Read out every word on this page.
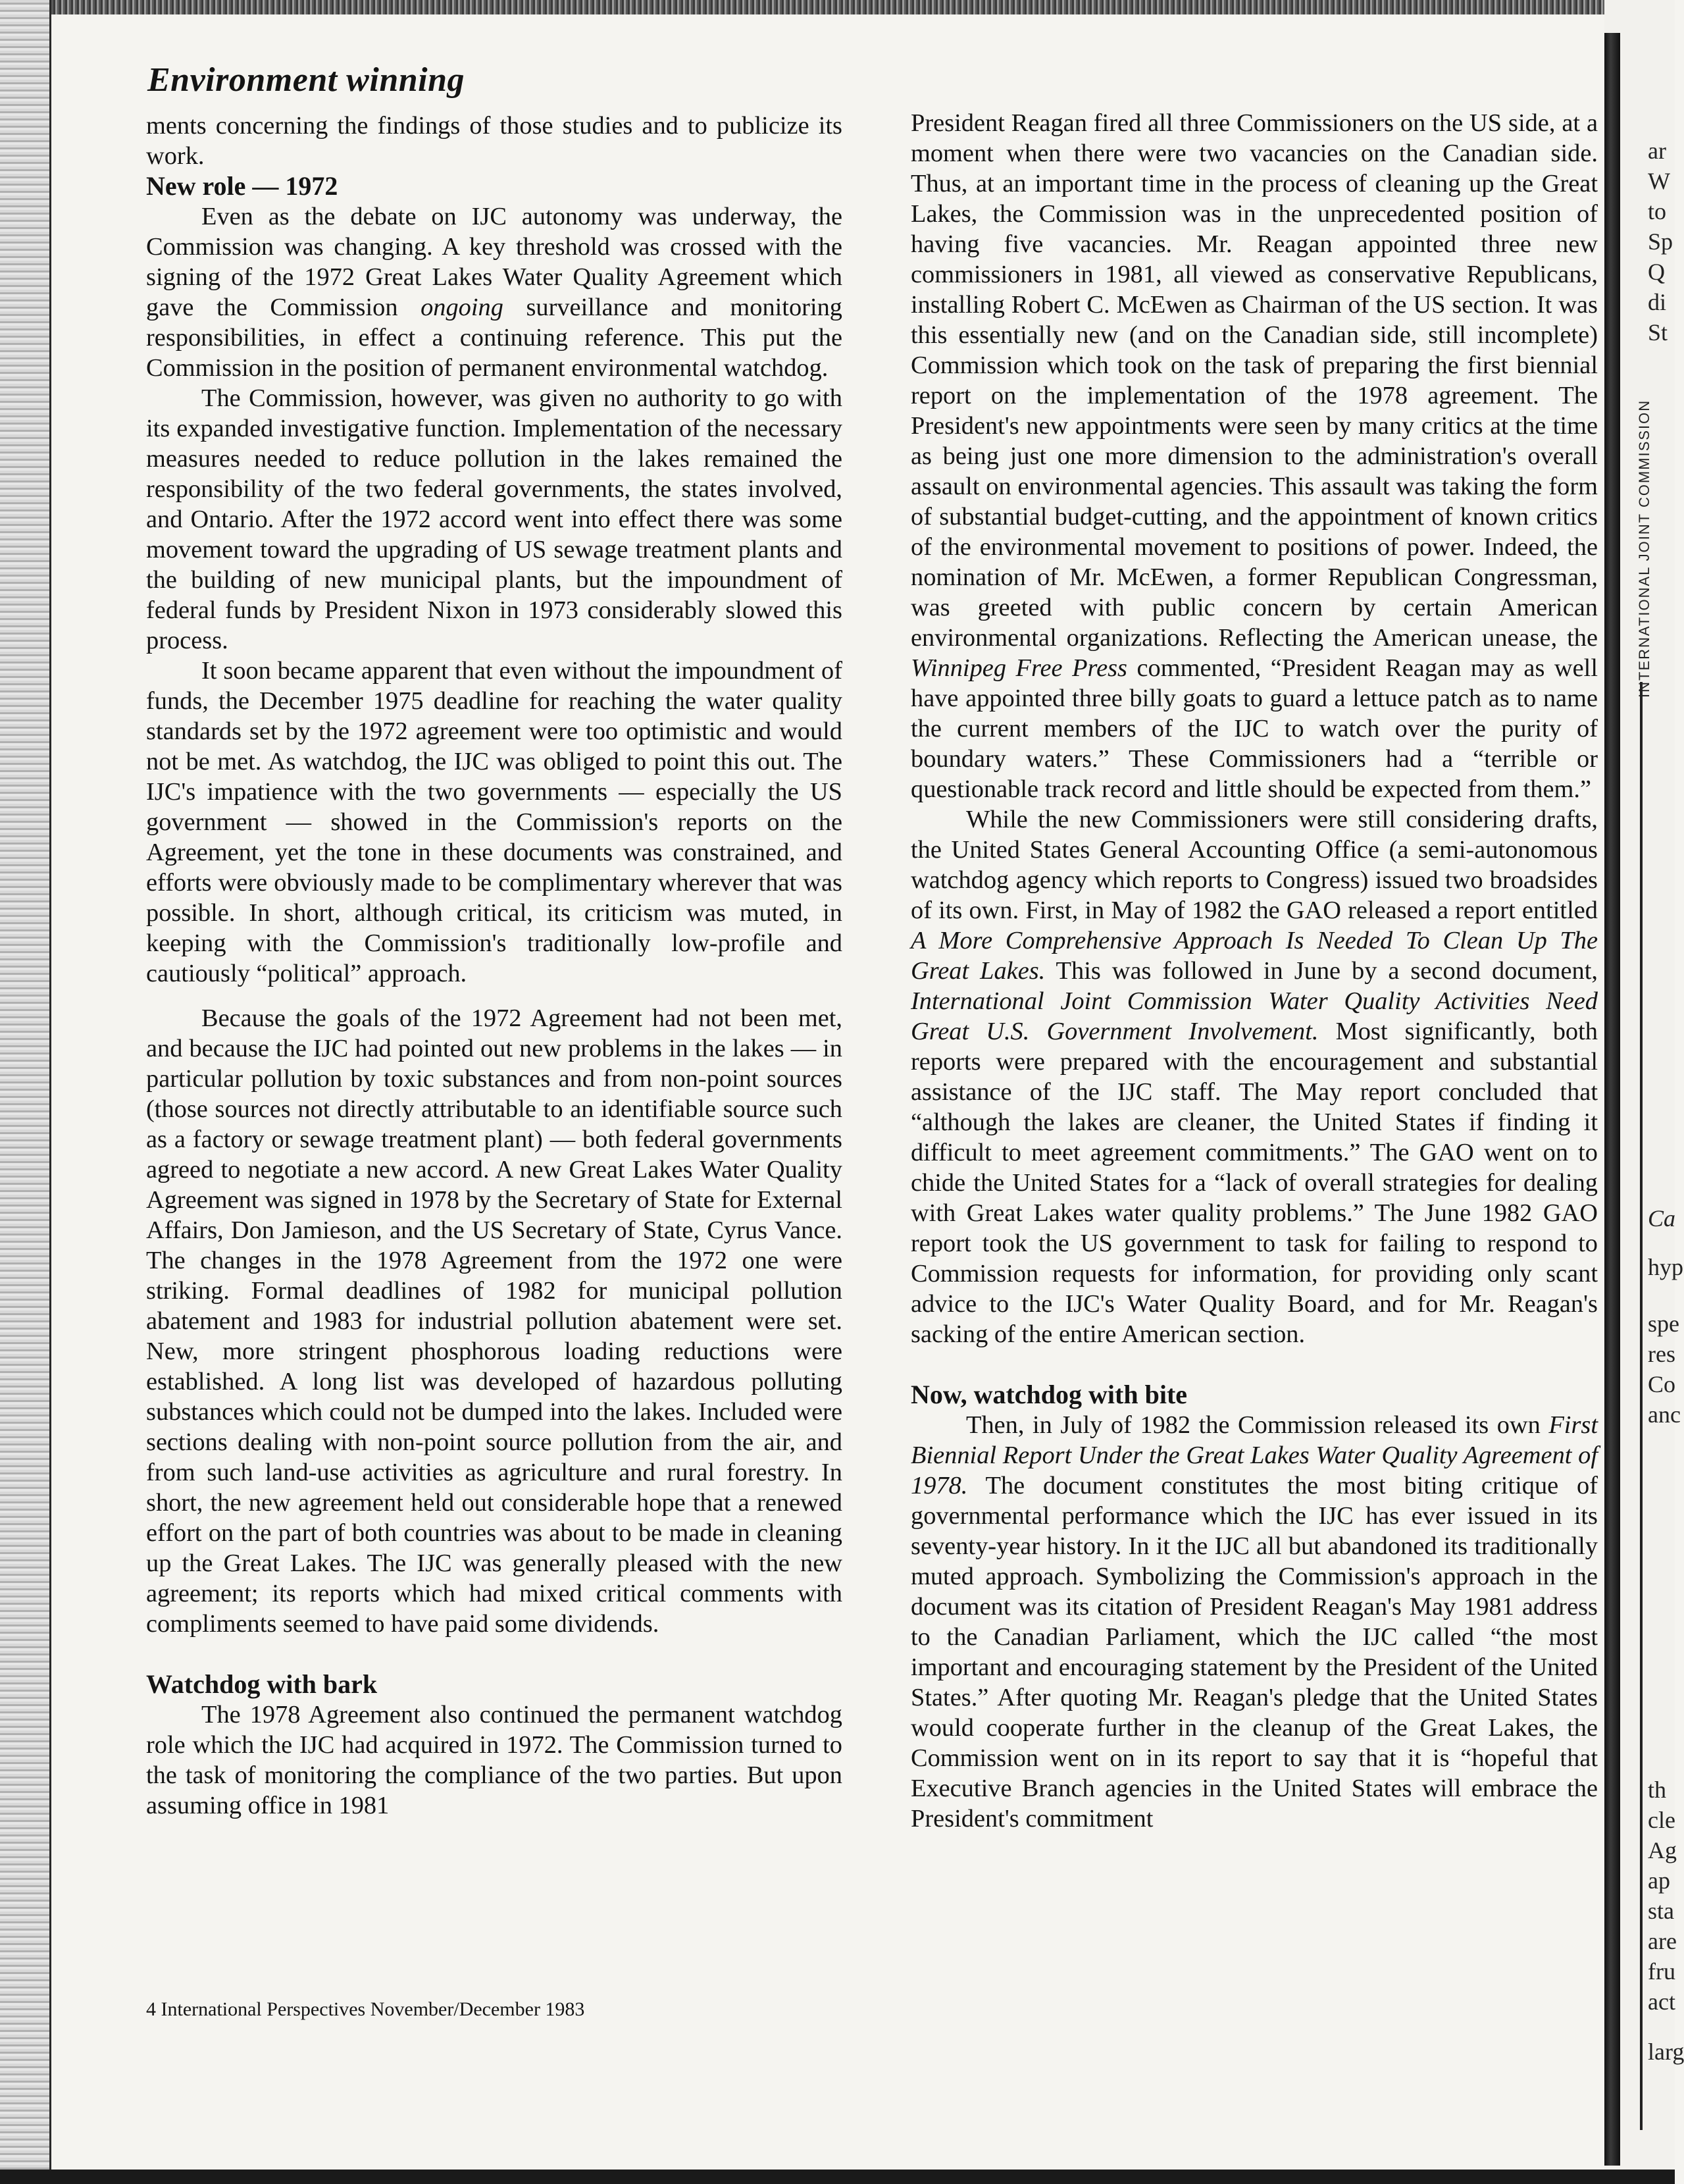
INTERNATIONAL JOINT COMMISSION
ar
W
to
Sp
Q
di
St
Ca
hyp
spe
res
Co
anc
th
cle
Ag
ap
sta
are
fru
act
larg
Environment winning

ments concerning the findings of those studies and to publicize its work.

New role — 1972

Even as the debate on IJC autonomy was underway, the Commission was changing. A key threshold was crossed with the signing of the 1972 Great Lakes Water Quality Agreement which gave the Commission ongoing surveillance and monitoring responsibilities, in effect a continuing reference. This put the Commission in the position of permanent environmental watchdog.

The Commission, however, was given no authority to go with its expanded investigative function. Implementation of the necessary measures needed to reduce pollution in the lakes remained the responsibility of the two federal governments, the states involved, and Ontario. After the 1972 accord went into effect there was some movement toward the upgrading of US sewage treatment plants and the building of new municipal plants, but the impoundment of federal funds by President Nixon in 1973 considerably slowed this process.

It soon became apparent that even without the impoundment of funds, the December 1975 deadline for reaching the water quality standards set by the 1972 agreement were too optimistic and would not be met. As watchdog, the IJC was obliged to point this out. The IJC's impatience with the two governments — especially the US government — showed in the Commission's reports on the Agreement, yet the tone in these documents was constrained, and efforts were obviously made to be complimentary wherever that was possible. In short, although critical, its criticism was muted, in keeping with the Commission's traditionally low-profile and cautiously “political” approach.

Because the goals of the 1972 Agreement had not been met, and because the IJC had pointed out new problems in the lakes — in particular pollution by toxic substances and from non-point sources (those sources not directly attributable to an identifiable source such as a factory or sewage treatment plant) — both federal governments agreed to negotiate a new accord. A new Great Lakes Water Quality Agreement was signed in 1978 by the Secretary of State for External Affairs, Don Jamieson, and the US Secretary of State, Cyrus Vance. The changes in the 1978 Agreement from the 1972 one were striking. Formal deadlines of 1982 for municipal pollution abatement and 1983 for industrial pollution abatement were set. New, more stringent phosphorous loading reductions were established. A long list was developed of hazardous polluting substances which could not be dumped into the lakes. Included were sections dealing with non-point source pollution from the air, and from such land-use activities as agriculture and rural forestry. In short, the new agreement held out considerable hope that a renewed effort on the part of both countries was about to be made in cleaning up the Great Lakes. The IJC was generally pleased with the new agreement; its reports which had mixed critical comments with compliments seemed to have paid some dividends.

Watchdog with bark

The 1978 Agreement also continued the permanent watchdog role which the IJC had acquired in 1972. The Commission turned to the task of monitoring the compliance of the two parties. But upon assuming office in 1981

President Reagan fired all three Commissioners on the US side, at a moment when there were two vacancies on the Canadian side. Thus, at an important time in the process of cleaning up the Great Lakes, the Commission was in the unprecedented position of having five vacancies. Mr. Reagan appointed three new commissioners in 1981, all viewed as conservative Republicans, installing Robert C. McEwen as Chairman of the US section. It was this essentially new (and on the Canadian side, still incomplete) Commission which took on the task of preparing the first biennial report on the implementation of the 1978 agreement. The President's new appointments were seen by many critics at the time as being just one more dimension to the administration's overall assault on environmental agencies. This assault was taking the form of substantial budget-cutting, and the appointment of known critics of the environmental movement to positions of power. Indeed, the nomination of Mr. McEwen, a former Republican Congressman, was greeted with public concern by certain American environmental organizations. Reflecting the American unease, the Winnipeg Free Press commented, “President Reagan may as well have appointed three billy goats to guard a lettuce patch as to name the current members of the IJC to watch over the purity of boundary waters.” These Commissioners had a “terrible or questionable track record and little should be expected from them.”

While the new Commissioners were still considering drafts, the United States General Accounting Office (a semi-autonomous watchdog agency which reports to Congress) issued two broadsides of its own. First, in May of 1982 the GAO released a report entitled A More Comprehensive Approach Is Needed To Clean Up The Great Lakes. This was followed in June by a second document, International Joint Commission Water Quality Activities Need Great U.S. Government Involvement. Most significantly, both reports were prepared with the encouragement and substantial assistance of the IJC staff. The May report concluded that “although the lakes are cleaner, the United States if finding it difficult to meet agreement commitments.” The GAO went on to chide the United States for a “lack of overall strategies for dealing with Great Lakes water quality problems.” The June 1982 GAO report took the US government to task for failing to respond to Commission requests for information, for providing only scant advice to the IJC's Water Quality Board, and for Mr. Reagan's sacking of the entire American section.

Now, watchdog with bite

Then, in July of 1982 the Commission released its own First Biennial Report Under the Great Lakes Water Quality Agreement of 1978. The document constitutes the most biting critique of governmental performance which the IJC has ever issued in its seventy-year history. In it the IJC all but abandoned its traditionally muted approach. Symbolizing the Commission's approach in the document was its citation of President Reagan's May 1981 address to the Canadian Parliament, which the IJC called “the most important and encouraging statement by the President of the United States.” After quoting Mr. Reagan's pledge that the United States would cooperate further in the cleanup of the Great Lakes, the Commission went on in its report to say that it is “hopeful that Executive Branch agencies in the United States will embrace the President's commitment

4 International Perspectives November/December 1983
